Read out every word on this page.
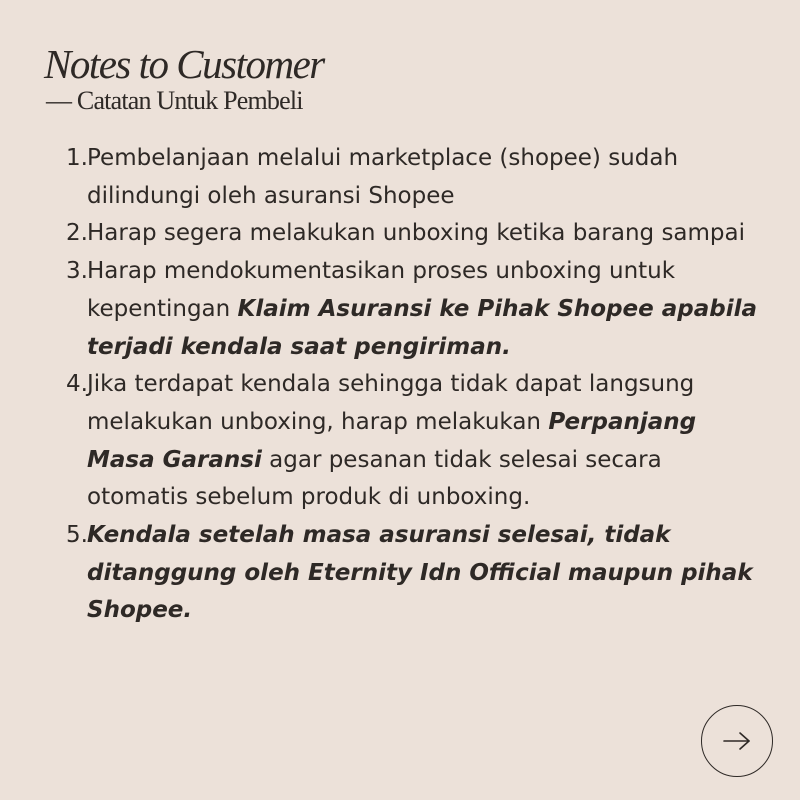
Notes to Customer
— Catatan Untuk Pembeli
1. Pembelanjaan melalui marketplace (shopee) sudah dilindungi oleh asuransi Shopee
2. Harap segera melakukan unboxing ketika barang sampai
3. Harap mendokumentasikan proses unboxing untuk kepentingan Klaim Asuransi ke Pihak Shopee apabila terjadi kendala saat pengiriman.
4. Jika terdapat kendala sehingga tidak dapat langsung melakukan unboxing, harap melakukan Perpanjang Masa Garansi agar pesanan tidak selesai secara otomatis sebelum produk di unboxing.
5. Kendala setelah masa asuransi selesai, tidak ditanggung oleh Eternity Idn Official maupun pihak Shopee.
